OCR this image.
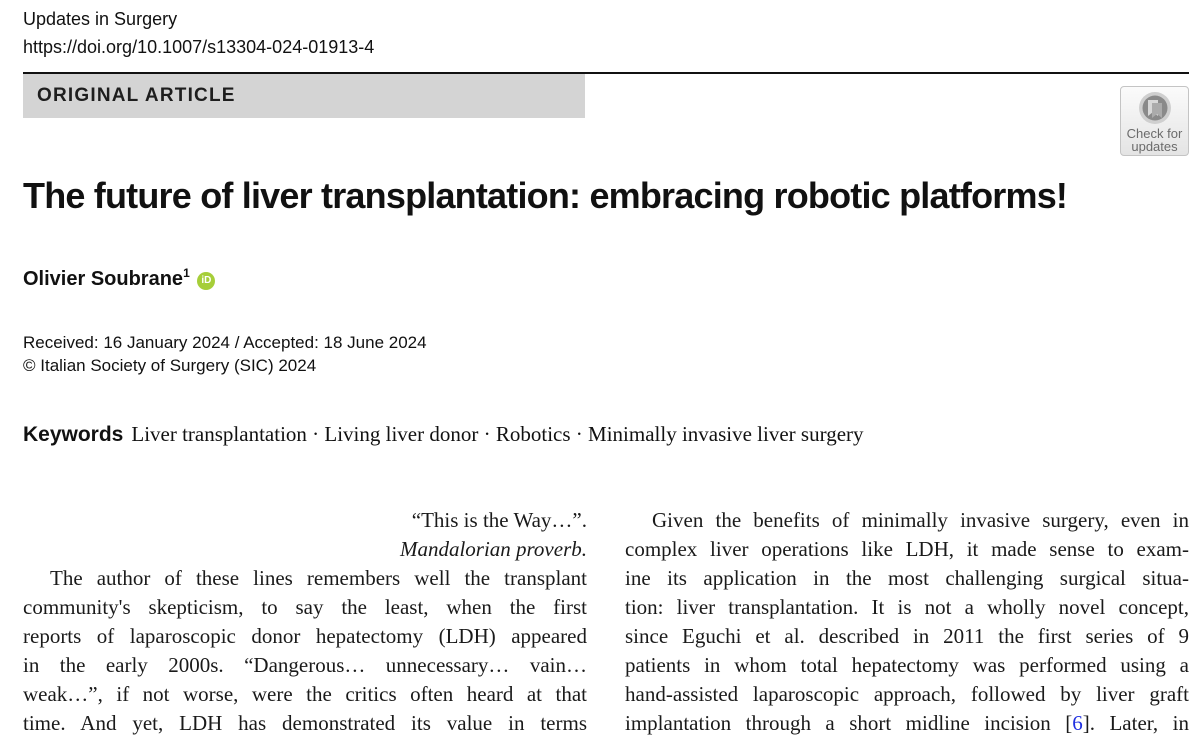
Updates in Surgery
https://doi.org/10.1007/s13304-024-01913-4
ORIGINAL ARTICLE
Check for
updates
The future of liver transplantation: embracing robotic platforms!
Olivier Soubrane$^1$ iD
Received: 16 January 2024 / Accepted: 18 June 2024
© Italian Society of Surgery (SIC) 2024
Keywords Liver transplantation · Living liver donor · Robotics · Minimally invasive liver surgery
“This is the Way…”.
Mandalorian proverb.

The author of these lines remembers well the transplant

community's skepticism, to say the least, when the first

reports of laparoscopic donor hepatectomy (LDH) appeared

in the early 2000s. “Dangerous… unnecessary… vain…

weak…”, if not worse, were the critics often heard at that

time. And yet, LDH has demonstrated its value in terms

Given the benefits of minimally invasive surgery, even in

complex liver operations like LDH, it made sense to exam-

ine its application in the most challenging surgical situa-

tion: liver transplantation. It is not a wholly novel concept,

since Eguchi et al. described in 2011 the first series of 9

patients in whom total hepatectomy was performed using a

hand-assisted laparoscopic approach, followed by liver graft

implantation through a short midline incision [6]. Later, in
